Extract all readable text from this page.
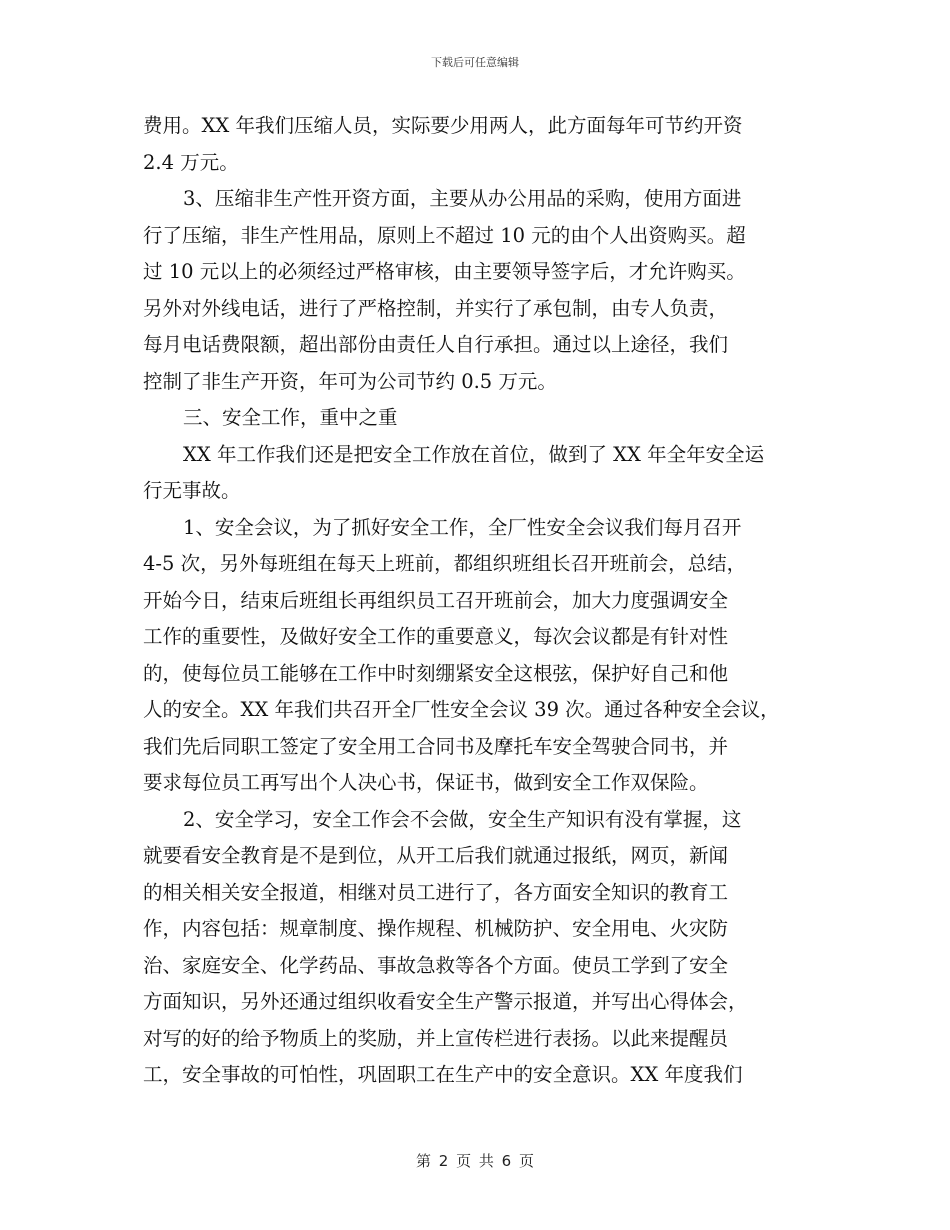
下载后可任意编辑
费用。XX 年我们压缩人员，实际要少用两人，此方面每年可节约开资
2.4 万元。
3、压缩非生产性开资方面，主要从办公用品的采购，使用方面进
行了压缩，非生产性用品，原则上不超过 10 元的由个人出资购买。超
过 10 元以上的必须经过严格审核，由主要领导签字后，才允许购买。
另外对外线电话，进行了严格控制，并实行了承包制，由专人负责，
每月电话费限额，超出部份由责任人自行承担。通过以上途径，我们
控制了非生产开资，年可为公司节约 0.5 万元。
三、安全工作，重中之重
XX 年工作我们还是把安全工作放在首位，做到了 XX 年全年安全运
行无事故。
1、安全会议，为了抓好安全工作，全厂性安全会议我们每月召开
4-5 次，另外每班组在每天上班前，都组织班组长召开班前会，总结，
开始今日，结束后班组长再组织员工召开班前会，加大力度强调安全
工作的重要性，及做好安全工作的重要意义，每次会议都是有针对性
的，使每位员工能够在工作中时刻绷紧安全这根弦，保护好自己和他
人的安全。XX 年我们共召开全厂性安全会议 39 次。通过各种安全会议，
我们先后同职工签定了安全用工合同书及摩托车安全驾驶合同书，并
要求每位员工再写出个人决心书，保证书，做到安全工作双保险。
2、安全学习，安全工作会不会做，安全生产知识有没有掌握，这
就要看安全教育是不是到位，从开工后我们就通过报纸，网页，新闻
的相关相关安全报道，相继对员工进行了，各方面安全知识的教育工
作，内容包括：规章制度、操作规程、机械防护、安全用电、火灾防
治、家庭安全、化学药品、事故急救等各个方面。使员工学到了安全
方面知识，另外还通过组织收看安全生产警示报道，并写出心得体会，
对写的好的给予物质上的奖励，并上宣传栏进行表扬。以此来提醒员
工，安全事故的可怕性，巩固职工在生产中的安全意识。XX 年度我们
第 2 页 共 6 页
